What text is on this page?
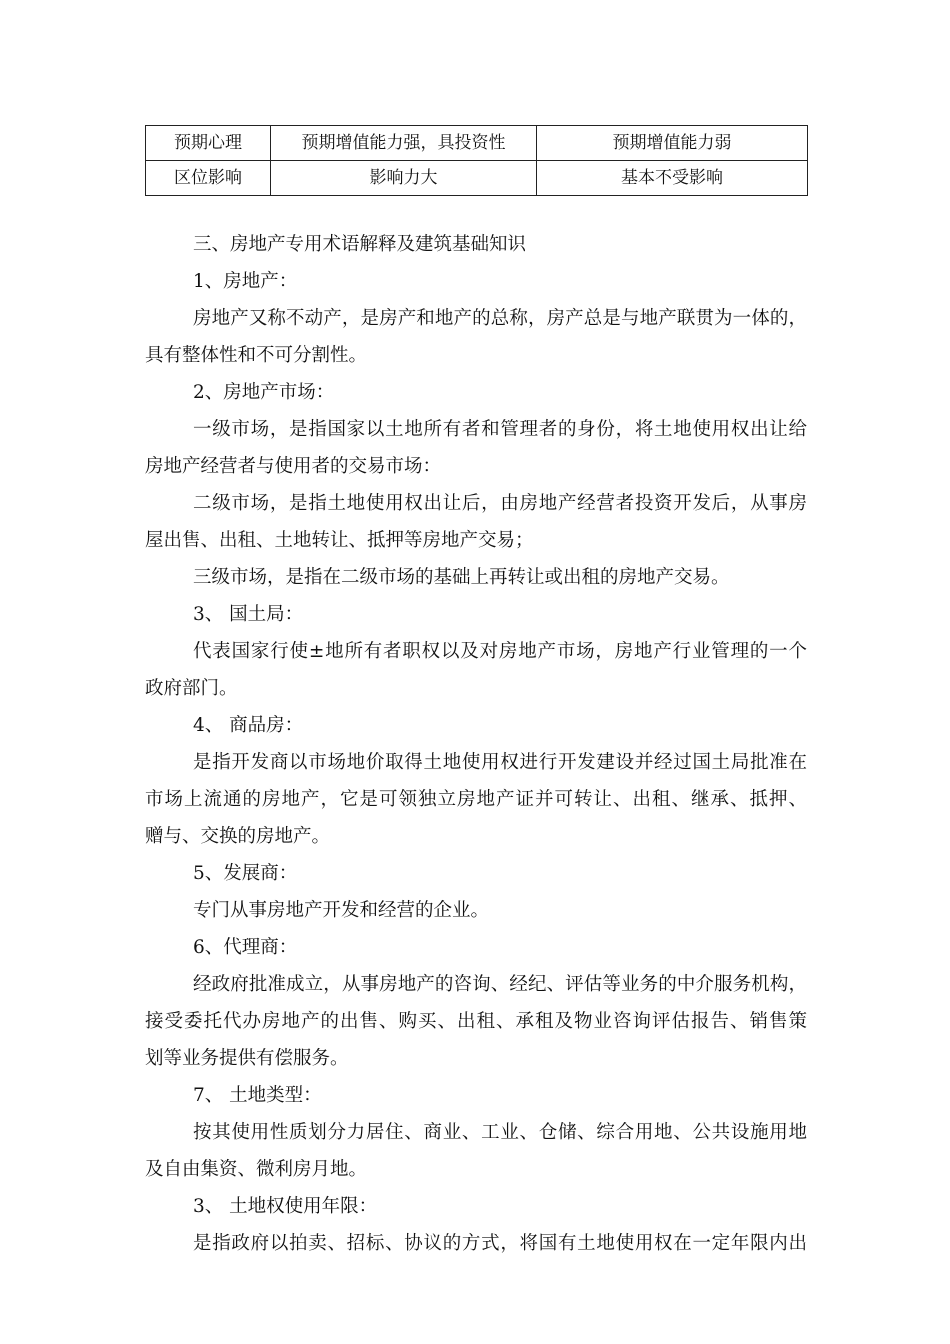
预期心理	预期增值能力强，具投资性	预期增值能力弱
区位影响	影响力大	基本不受影响
三、房地产专用术语解释及建筑基础知识
1、房地产：
房地产又称不动产，是房产和地产的总称，房产总是与地产联贯为一体的，
具有整体性和不可分割性。
2、房地产市场：
一级市场，是指国家以土地所有者和管理者的身份，将土地使用权出让给
房地产经营者与使用者的交易市场：
二级市场，是指土地使用权出让后，由房地产经营者投资开发后，从事房
屋出售、出租、土地转让、抵押等房地产交易；
三级市场，是指在二级市场的基础上再转让或出租的房地产交易。
3、 国土局：
代表国家行使±地所有者职权以及对房地产市场，房地产行业管理的一个
政府部门。
4、 商品房：
是指开发商以市场地价取得土地使用权进行开发建设并经过国土局批准在
市场上流通的房地产，它是可领独立房地产证并可转让、出租、继承、抵押、
赠与、交换的房地产。
5、发展商：
专门从事房地产开发和经营的企业。
6、代理商：
经政府批准成立，从事房地产的咨询、经纪、评估等业务的中介服务机构，
接受委托代办房地产的出售、购买、出租、承租及物业咨询评估报告、销售策
划等业务提供有偿服务。
7、 土地类型：
按其使用性质划分力居住、商业、工业、仓储、综合用地、公共设施用地
及自由集资、微利房月地。
3、 土地权使用年限：
是指政府以拍卖、招标、协议的方式，将国有土地使用权在一定年限内出
